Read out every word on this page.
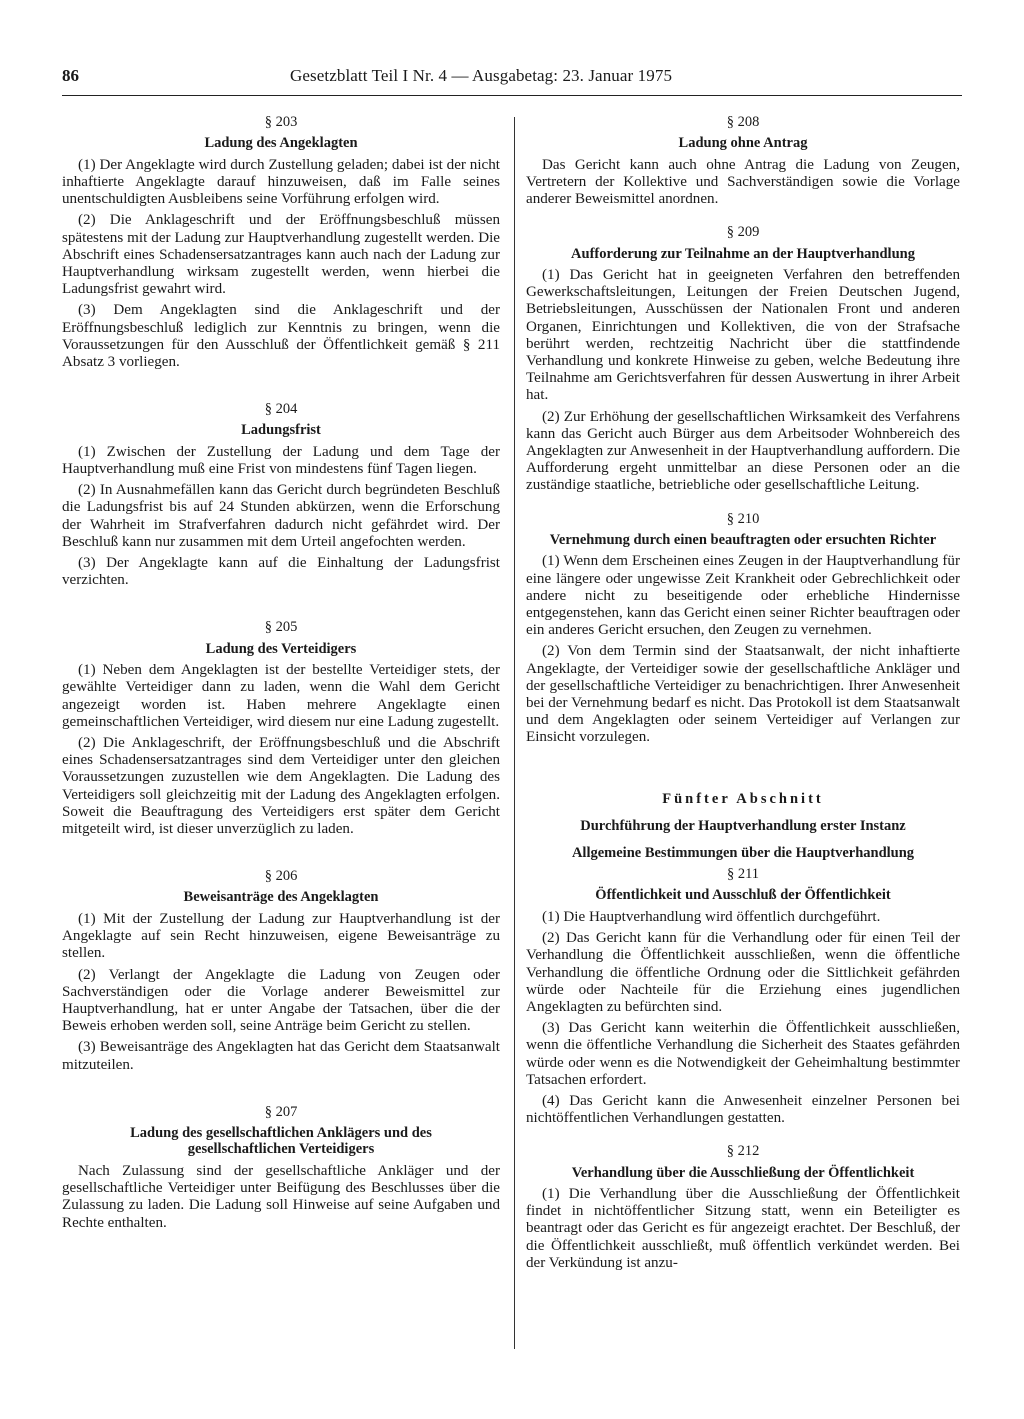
86	Gesetzblatt Teil I Nr. 4 — Ausgabetag: 23. Januar 1975
§ 203
Ladung des Angeklagten

(1) Der Angeklagte wird durch Zustellung geladen; dabei ist der nicht inhaftierte Angeklagte darauf hinzuweisen, daß im Falle seines unentschuldigten Ausbleibens seine Vorführung erfolgen wird.

(2) Die Anklageschrift und der Eröffnungsbeschluß müssen spätestens mit der Ladung zur Hauptverhandlung zugestellt werden. Die Abschrift eines Schadensersatzantrages kann auch nach der Ladung zur Hauptverhandlung wirksam zugestellt werden, wenn hierbei die Ladungsfrist gewahrt wird.

(3) Dem Angeklagten sind die Anklageschrift und der Eröffnungsbeschluß lediglich zur Kenntnis zu bringen, wenn die Voraussetzungen für den Ausschluß der Öffentlichkeit gemäß § 211 Absatz 3 vorliegen.

§ 204
Ladungsfrist

(1) Zwischen der Zustellung der Ladung und dem Tage der Hauptverhandlung muß eine Frist von mindestens fünf Tagen liegen.

(2) In Ausnahmefällen kann das Gericht durch begründeten Beschluß die Ladungsfrist bis auf 24 Stunden abkürzen, wenn die Erforschung der Wahrheit im Strafverfahren dadurch nicht gefährdet wird. Der Beschluß kann nur zusammen mit dem Urteil angefochten werden.

(3) Der Angeklagte kann auf die Einhaltung der Ladungsfrist verzichten.

§ 205
Ladung des Verteidigers

(1) Neben dem Angeklagten ist der bestellte Verteidiger stets, der gewählte Verteidiger dann zu laden, wenn die Wahl dem Gericht angezeigt worden ist. Haben mehrere Angeklagte einen gemeinschaftlichen Verteidiger, wird diesem nur eine Ladung zugestellt.

(2) Die Anklageschrift, der Eröffnungsbeschluß und die Abschrift eines Schadensersatzantrages sind dem Verteidiger unter den gleichen Voraussetzungen zuzustellen wie dem Angeklagten. Die Ladung des Verteidigers soll gleichzeitig mit der Ladung des Angeklagten erfolgen. Soweit die Beauftragung des Verteidigers erst später dem Gericht mitgeteilt wird, ist dieser unverzüglich zu laden.

§ 206
Beweisanträge des Angeklagten

(1) Mit der Zustellung der Ladung zur Hauptverhandlung ist der Angeklagte auf sein Recht hinzuweisen, eigene Beweisanträge zu stellen.

(2) Verlangt der Angeklagte die Ladung von Zeugen oder Sachverständigen oder die Vorlage anderer Beweismittel zur Hauptverhandlung, hat er unter Angabe der Tatsachen, über die der Beweis erhoben werden soll, seine Anträge beim Gericht zu stellen.

(3) Beweisanträge des Angeklagten hat das Gericht dem Staatsanwalt mitzuteilen.

§ 207
Ladung des gesellschaftlichen Anklägers und des gesellschaftlichen Verteidigers

Nach Zulassung sind der gesellschaftliche Ankläger und der gesellschaftliche Verteidiger unter Beifügung des Beschlusses über die Zulassung zu laden. Die Ladung soll Hinweise auf seine Aufgaben und Rechte enthalten.

§ 208
Ladung ohne Antrag

Das Gericht kann auch ohne Antrag die Ladung von Zeugen, Vertretern der Kollektive und Sachverständigen sowie die Vorlage anderer Beweismittel anordnen.

§ 209
Aufforderung zur Teilnahme an der Hauptverhandlung

(1) Das Gericht hat in geeigneten Verfahren den betreffenden Gewerkschaftsleitungen, Leitungen der Freien Deutschen Jugend, Betriebsleitungen, Ausschüssen der Nationalen Front und anderen Organen, Einrichtungen und Kollektiven, die von der Strafsache berührt werden, rechtzeitig Nachricht über die stattfindende Verhandlung und konkrete Hinweise zu geben, welche Bedeutung ihre Teilnahme am Gerichtsverfahren für dessen Auswertung in ihrer Arbeit hat.

(2) Zur Erhöhung der gesellschaftlichen Wirksamkeit des Verfahrens kann das Gericht auch Bürger aus dem Arbeitsoder Wohnbereich des Angeklagten zur Anwesenheit in der Hauptverhandlung auffordern. Die Aufforderung ergeht unmittelbar an diese Personen oder an die zuständige staatliche, betriebliche oder gesellschaftliche Leitung.

§ 210
Vernehmung durch einen beauftragten oder ersuchten Richter

(1) Wenn dem Erscheinen eines Zeugen in der Hauptverhandlung für eine längere oder ungewisse Zeit Krankheit oder Gebrechlichkeit oder andere nicht zu beseitigende oder erhebliche Hindernisse entgegenstehen, kann das Gericht einen seiner Richter beauftragen oder ein anderes Gericht ersuchen, den Zeugen zu vernehmen.

(2) Von dem Termin sind der Staatsanwalt, der nicht inhaftierte Angeklagte, der Verteidiger sowie der gesellschaftliche Ankläger und der gesellschaftliche Verteidiger zu benachrichtigen. Ihrer Anwesenheit bei der Vernehmung bedarf es nicht. Das Protokoll ist dem Staatsanwalt und dem Angeklagten oder seinem Verteidiger auf Verlangen zur Einsicht vorzulegen.

Fünfter Abschnitt
Durchführung der Hauptverhandlung erster Instanz
Allgemeine Bestimmungen über die Hauptverhandlung
§ 211
Öffentlichkeit und Ausschluß der Öffentlichkeit

(1) Die Hauptverhandlung wird öffentlich durchgeführt.

(2) Das Gericht kann für die Verhandlung oder für einen Teil der Verhandlung die Öffentlichkeit ausschließen, wenn die öffentliche Verhandlung die öffentliche Ordnung oder die Sittlichkeit gefährden würde oder Nachteile für die Erziehung eines jugendlichen Angeklagten zu befürchten sind.

(3) Das Gericht kann weiterhin die Öffentlichkeit ausschließen, wenn die öffentliche Verhandlung die Sicherheit des Staates gefährden würde oder wenn es die Notwendigkeit der Geheimhaltung bestimmter Tatsachen erfordert.

(4) Das Gericht kann die Anwesenheit einzelner Personen bei nichtöffentlichen Verhandlungen gestatten.

§ 212
Verhandlung über die Ausschließung der Öffentlichkeit

(1) Die Verhandlung über die Ausschließung der Öffentlichkeit findet in nichtöffentlicher Sitzung statt, wenn ein Beteiligter es beantragt oder das Gericht es für angezeigt erachtet. Der Beschluß, der die Öffentlichkeit ausschließt, muß öffentlich verkündet werden. Bei der Verkündung ist anzu-
